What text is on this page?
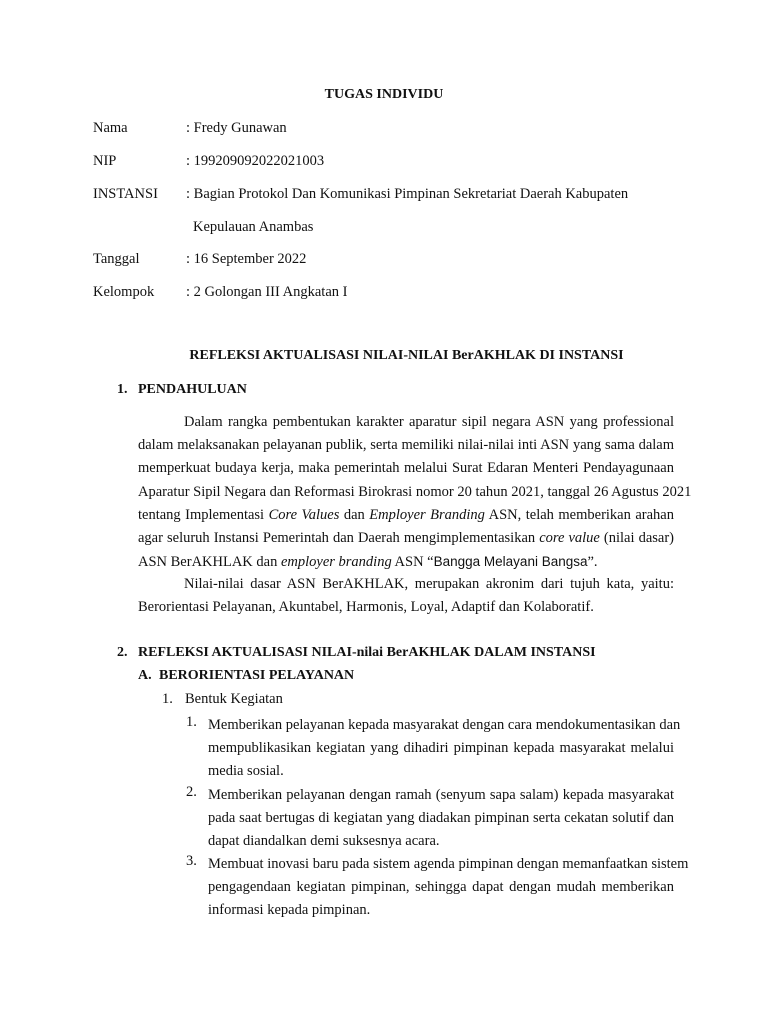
TUGAS INDIVIDU
Nama	: Fredy Gunawan
NIP	: 199209092022021003
INSTANSI : Bagian Protokol Dan Komunikasi Pimpinan Sekretariat Daerah Kabupaten
Kepulauan Anambas
Tanggal	: 16 September 2022
Kelompok : 2 Golongan III Angkatan I
REFLEKSI AKTUALISASI NILAI-NILAI BerAKHLAK DI INSTANSI
1. PENDAHULUAN
Dalam rangka pembentukan karakter aparatur sipil negara ASN yang professional
dalam melaksanakan pelayanan publik, serta memiliki nilai-nilai inti ASN yang sama dalam
memperkuat budaya kerja, maka pemerintah melalui Surat Edaran Menteri Pendayagunaan
Aparatur Sipil Negara dan Reformasi Birokrasi nomor 20 tahun 2021, tanggal 26 Agustus 2021
tentang Implementasi Core Values dan Employer Branding ASN, telah memberikan arahan
agar seluruh Instansi Pemerintah dan Daerah mengimplementasikan core value (nilai dasar)
ASN BerAKHLAK dan employer branding ASN “Bangga Melayani Bangsa”.
Nilai-nilai dasar ASN BerAKHLAK, merupakan akronim dari tujuh kata, yaitu:
Berorientasi Pelayanan, Akuntabel, Harmonis, Loyal, Adaptif dan Kolaboratif.
2. REFLEKSI AKTUALISASI NILAI-nilai BerAKHLAK DALAM INSTANSI
A. BERORIENTASI PELAYANAN
1. Bentuk Kegiatan
1. Memberikan pelayanan kepada masyarakat dengan cara mendokumentasikan dan
mempublikasikan kegiatan yang dihadiri pimpinan kepada masyarakat melalui
media sosial.
2. Memberikan pelayanan dengan ramah (senyum sapa salam) kepada masyarakat
pada saat bertugas di kegiatan yang diadakan pimpinan serta cekatan solutif dan
dapat diandalkan demi suksesnya acara.
3. Membuat inovasi baru pada sistem agenda pimpinan dengan memanfaatkan sistem
pengagendaan kegiatan pimpinan, sehingga dapat dengan mudah memberikan
informasi kepada pimpinan.
